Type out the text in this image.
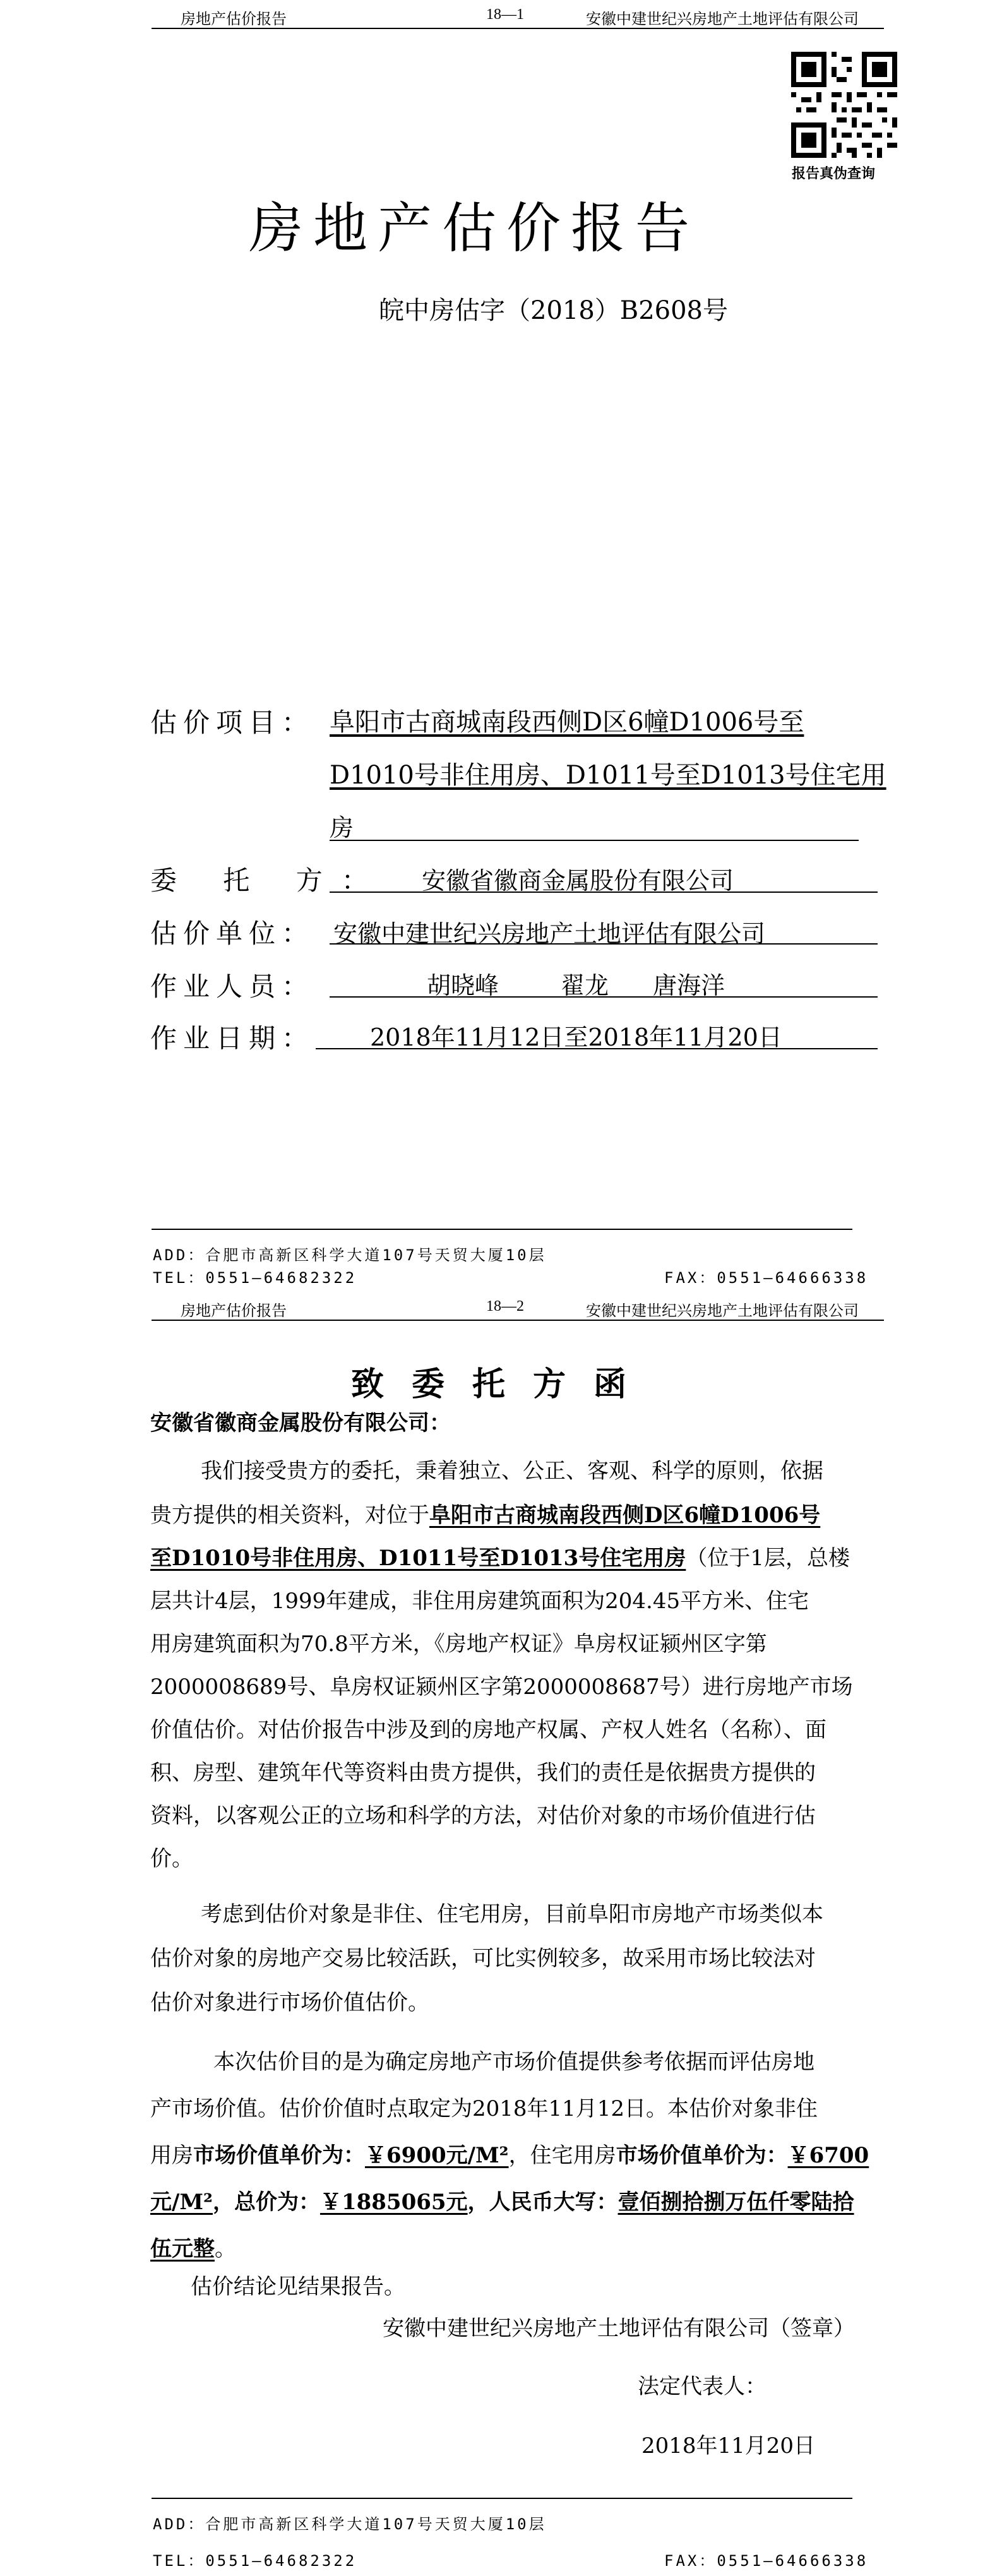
房地产估价报告	18—1	安徽中建世纪兴房地产土地评估有限公司
报告真伪查询
房地产估价报告
皖中房估字（2018）B2608号
估价项目： 阜阳市古商城南段西侧D区6幢D1006号至
D1010号非住用房、D1011号至D1013号住宅用
房
委 托 方： 安徽省徽商金属股份有限公司
估价单位： 安徽中建世纪兴房地产土地评估有限公司
作业人员：	胡晓峰	翟龙 唐海洋
作业日期： 2018年11月12日至2018年11月20日
ADD：合肥市高新区科学大道107号天贸大厦10层
TEL：0551—64682322	FAX：0551—64666338
房地产估价报告	18—2	安徽中建世纪兴房地产土地评估有限公司
致委托方函
安徽省徽商金属股份有限公司：
我们接受贵方的委托，秉着独立、公正、客观、科学的原则，依据
贵方提供的相关资料，对位于阜阳市古商城南段西侧D区6幢D1006号
至D1010号非住用房、D1011号至D1013号住宅用房（位于1层，总楼
层共计4层，1999年建成，非住用房建筑面积为204.45平方米、住宅
用房建筑面积为70.8平方米，《房地产权证》阜房权证颍州区字第
2000008689号、阜房权证颍州区字第2000008687号）进行房地产市场
价值估价。对估价报告中涉及到的房地产权属、产权人姓名（名称）、面
积、房型、建筑年代等资料由贵方提供，我们的责任是依据贵方提供的
资料，以客观公正的立场和科学的方法，对估价对象的市场价值进行估
价。
考虑到估价对象是非住、住宅用房，目前阜阳市房地产市场类似本
估价对象的房地产交易比较活跃，可比实例较多，故采用市场比较法对
估价对象进行市场价值估价。
本次估价目的是为确定房地产市场价值提供参考依据而评估房地
产市场价值。估价价值时点取定为2018年11月12日。本估价对象非住
用房市场价值单价为：￥6900元/M²，住宅用房市场价值单价为：￥6700
元/M²，总价为：￥1885065元，人民币大写：壹佰捌拾捌万伍仟零陆拾
伍元整。
估价结论见结果报告。
安徽中建世纪兴房地产土地评估有限公司（签章）
法定代表人：
2018年11月20日
ADD：合肥市高新区科学大道107号天贸大厦10层
TEL：0551—64682322	FAX：0551—64666338
